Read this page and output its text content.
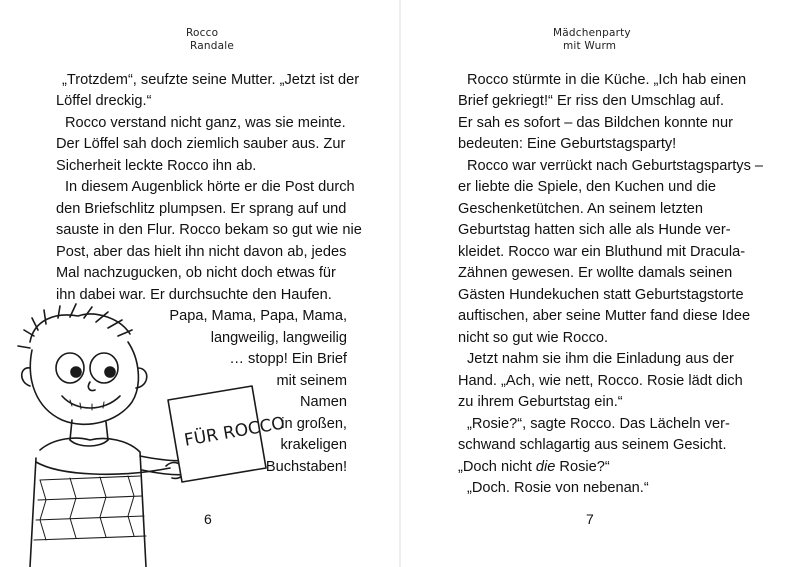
Rocco
Randale
„Trotzdem“, seufzte seine Mutter. „Jetzt ist der
Löffel dreckig.“
Rocco verstand nicht ganz, was sie meinte.
Der Löffel sah doch ziemlich sauber aus. Zur
Sicherheit leckte Rocco ihn ab.
In diesem Augenblick hörte er die Post durch
den Briefschlitz plumpsen. Er sprang auf und
sauste in den Flur. Rocco bekam so gut wie nie
Post, aber das hielt ihn nicht davon ab, jedes
Mal nachzugucken, ob nicht doch etwas für
ihn dabei war. Er durchsuchte den Haufen.
Papa, Mama, Papa, Mama,
langweilig, langweilig
… stopp! Ein Brief
mit seinem
Namen
in großen,
krakeligen
Buchstaben!
FÜR ROCCO
6
Mädchenparty
mit Wurm
Rocco stürmte in die Küche. „Ich hab einen
Brief gekriegt!“ Er riss den Umschlag auf.
Er sah es sofort – das Bildchen konnte nur
bedeuten: Eine Geburtstagsparty!
Rocco war verrückt nach Geburtstagspartys –
er liebte die Spiele, den Kuchen und die
Geschenketütchen. An seinem letzten
Geburtstag hatten sich alle als Hunde ver-
kleidet. Rocco war ein Bluthund mit Dracula-
Zähnen gewesen. Er wollte damals seinen
Gästen Hundekuchen statt Geburtstagstorte
auftischen, aber seine Mutter fand diese Idee
nicht so gut wie Rocco.
Jetzt nahm sie ihm die Einladung aus der
Hand. „Ach, wie nett, Rocco. Rosie lädt dich
zu ihrem Geburtstag ein.“
„Rosie?“, sagte Rocco. Das Lächeln ver-
schwand schlagartig aus seinem Gesicht.
„Doch nicht die Rosie?“
„Doch. Rosie von nebenan.“
7
